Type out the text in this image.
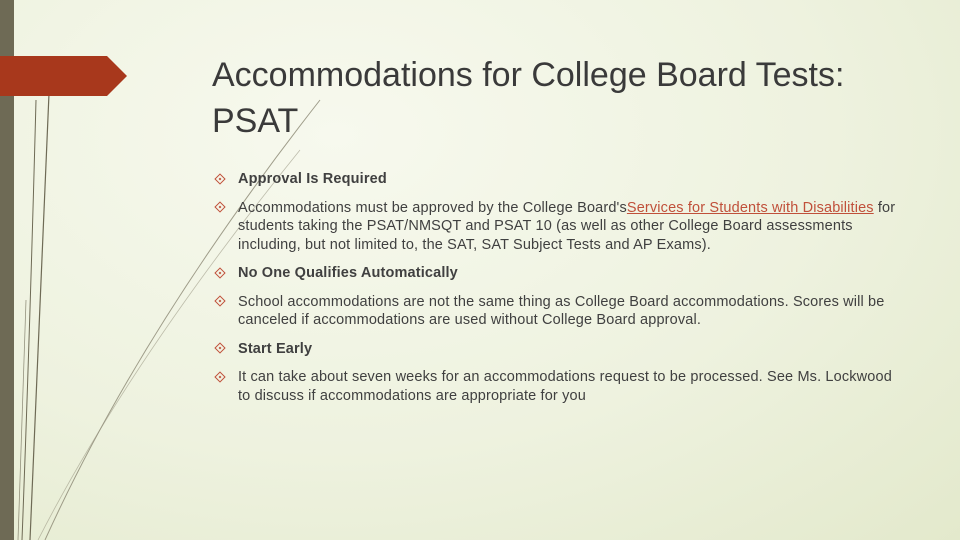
Accommodations for College Board Tests: PSAT
Approval Is Required
Accommodations must be approved by the College Board'sServices for Students with Disabilities for students taking the PSAT/NMSQT and PSAT 10 (as well as other College Board assessments including, but not limited to, the SAT, SAT Subject Tests and AP Exams).
No One Qualifies Automatically
School accommodations are not the same thing as College Board accommodations. Scores will be canceled if accommodations are used without College Board approval.
Start Early
It can take about seven weeks for an accommodations request to be processed. See Ms. Lockwood to discuss if accommodations are appropriate for you
